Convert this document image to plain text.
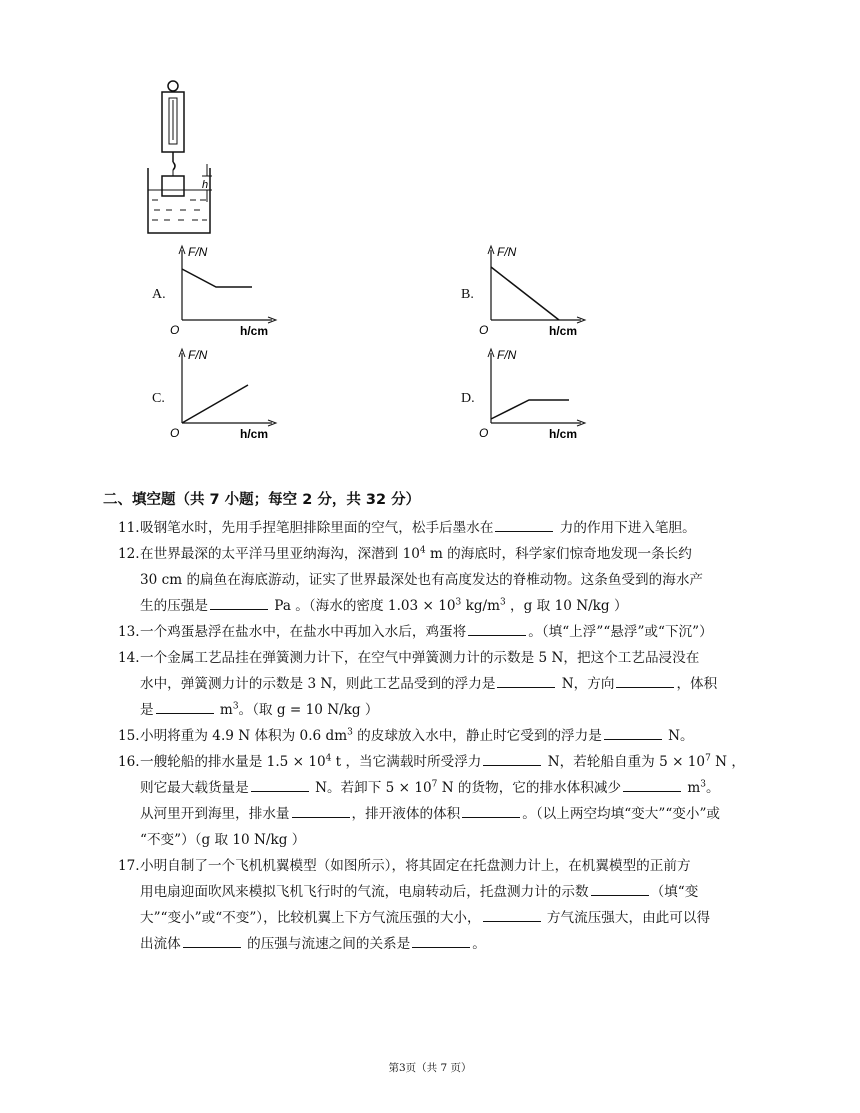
h
A.	B.
C.	D.
F/N
O	h/cm
F/N
O	h/cm
F/N
O	h/cm
F/N
O	h/cm
二、填空题（共 7 小题；每空 2 分，共 32 分）
11. 吸钢笔水时，先用手捏笔胆排除里面的空气，松手后墨水在	力的作用下进入笔胆。
12. 在世界最深的太平洋马里亚纳海沟，深潜到 $10^4$ m 的海底时，科学家们惊奇地发现一条长约
30 cm 的扁鱼在海底游动，证实了世界最深处也有高度发达的脊椎动物。这条鱼受到的海水产
生的压强是	Pa 。（海水的密度 $1.03 \times 10^3$ $kg/m^3$ ，g 取 10 N/kg ）
13. 一个鸡蛋悬浮在盐水中，在盐水中再加入水后，鸡蛋将	。（填“上浮”“悬浮”或“下沉”）
14. 一个金属工艺品挂在弹簧测力计下，在空气中弹簧测力计的示数是 5 N，把这个工艺品浸没在
水中，弹簧测力计的示数是 3 N，则此工艺品受到的浮力是	N，方向	，体积
是	$m^3$。（取 g = 10 N/kg ）
15. 小明将重为 4.9 N 体积为 0.6 $dm^3$ 的皮球放入水中，静止时它受到的浮力是	N。
16. 一艘轮船的排水量是 $1.5 \times 10^4$ t ，当它满载时所受浮力	N，若轮船自重为 $5 \times 10^7$ N ，
则它最大载货量是	N。若卸下 $5 \times 10^7$ N 的货物，它的排水体积减少	$m^3$。
从河里开到海里，排水量	，排开液体的体积	。（以上两空均填“变大”“变小”或
“不变”）（g 取 10 N/kg ）
17. 小明自制了一个飞机机翼模型（如图所示），将其固定在托盘测力计上，在机翼模型的正前方
用电扇迎面吹风来模拟飞机飞行时的气流，电扇转动后，托盘测力计的示数	（填“变
大”“变小”或“不变”），比较机翼上下方气流压强的大小，	方气流压强大，由此可以得
出流体	的压强与流速之间的关系是	。
第3页（共 7 页）
